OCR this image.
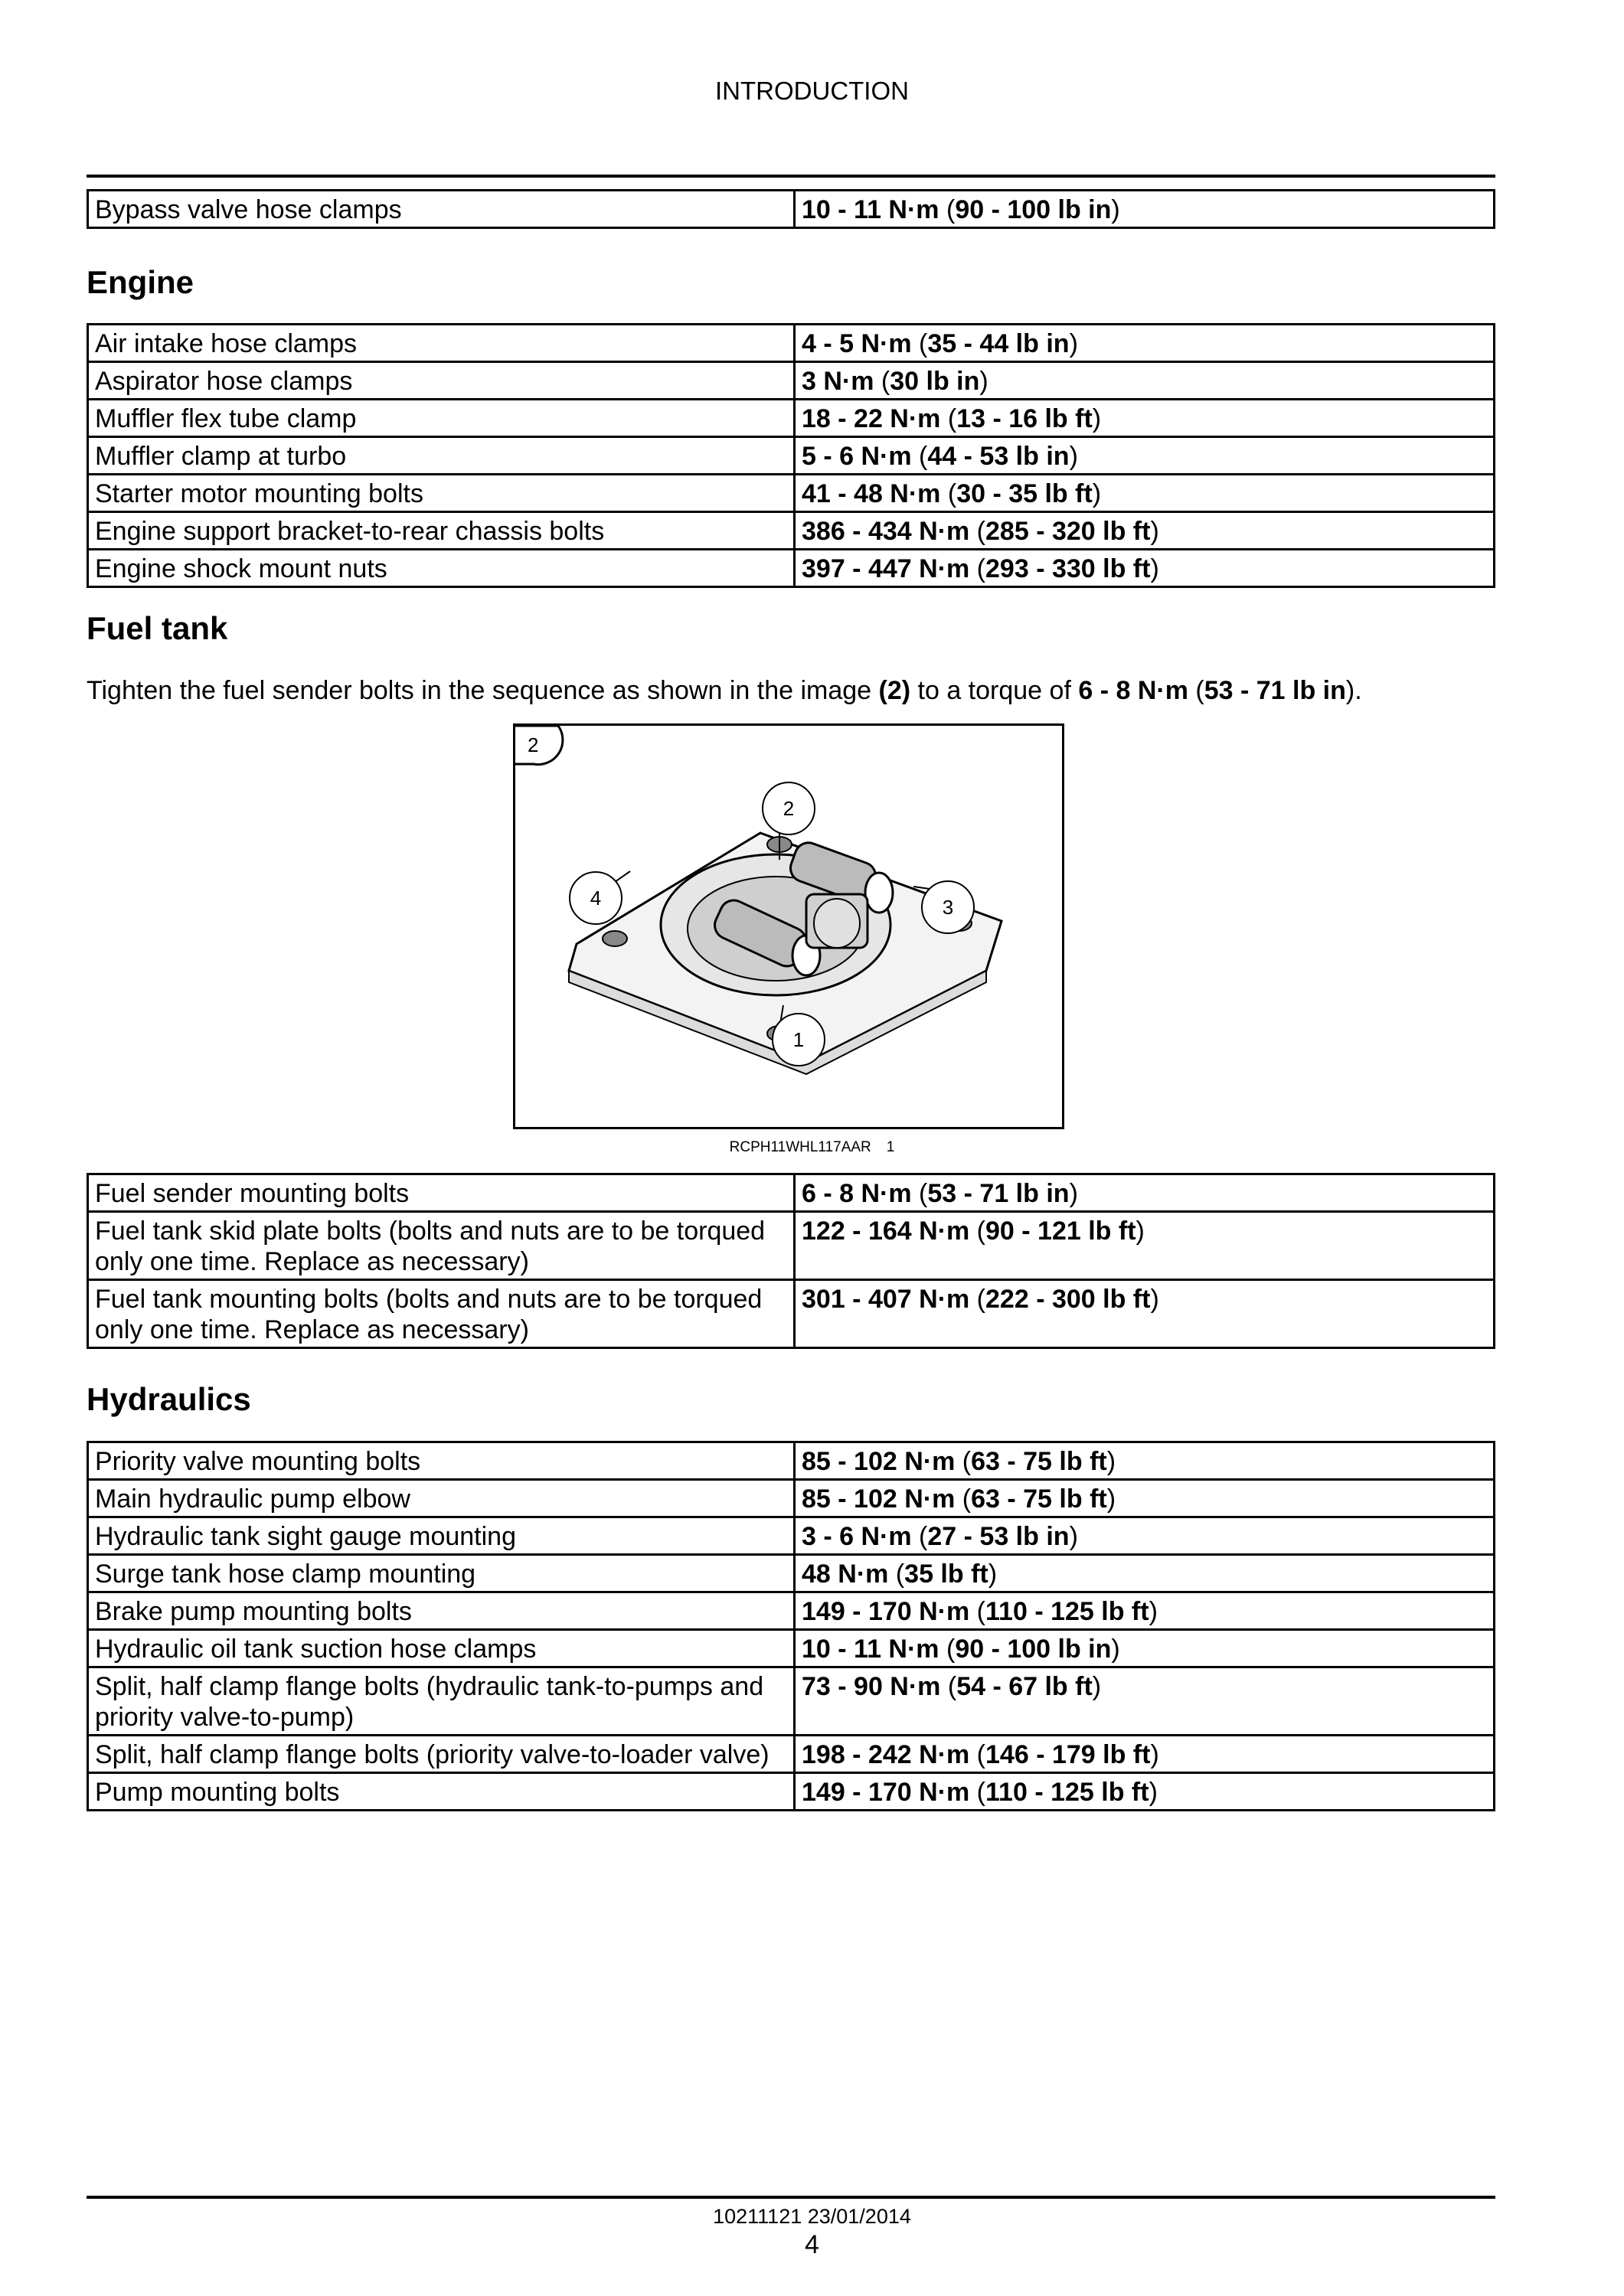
INTRODUCTION
Bypass valve hose clamps	10 - 11 N·m (90 - 100 lb in)
Engine
Air intake hose clamps	4 - 5 N·m (35 - 44 lb in)
Aspirator hose clamps	3 N·m (30 lb in)
Muffler flex tube clamp	18 - 22 N·m (13 - 16 lb ft)
Muffler clamp at turbo	5 - 6 N·m (44 - 53 lb in)
Starter motor mounting bolts	41 - 48 N·m (30 - 35 lb ft)
Engine support bracket-to-rear chassis bolts	386 - 434 N·m (285 - 320 lb ft)
Engine shock mount nuts	397 - 447 N·m (293 - 330 lb ft)
Fuel tank

Tighten the fuel sender bolts in the sequence as shown in the image (2) to a torque of 6 - 8 N·m (53 - 71 lb in).

2
2
4	3
1
RCPH11WHL117AAR 1
Fuel sender mounting bolts	6 - 8 N·m (53 - 71 lb in)
Fuel tank skid plate bolts (bolts and nuts are to be torqued only one time. Replace as necessary)	122 - 164 N·m (90 - 121 lb ft)
Fuel tank mounting bolts (bolts and nuts are to be torqued only one time. Replace as necessary)	301 - 407 N·m (222 - 300 lb ft)
Hydraulics
Priority valve mounting bolts	85 - 102 N·m (63 - 75 lb ft)
Main hydraulic pump elbow	85 - 102 N·m (63 - 75 lb ft)
Hydraulic tank sight gauge mounting	3 - 6 N·m (27 - 53 lb in)
Surge tank hose clamp mounting	48 N·m (35 lb ft)
Brake pump mounting bolts	149 - 170 N·m (110 - 125 lb ft)
Hydraulic oil tank suction hose clamps	10 - 11 N·m (90 - 100 lb in)
Split, half clamp flange bolts (hydraulic tank-to-pumps and priority valve-to-pump)	73 - 90 N·m (54 - 67 lb ft)
Split, half clamp flange bolts (priority valve-to-loader valve)	198 - 242 N·m (146 - 179 lb ft)
Pump mounting bolts	149 - 170 N·m (110 - 125 lb ft)
10211121 23/01/2014
4
